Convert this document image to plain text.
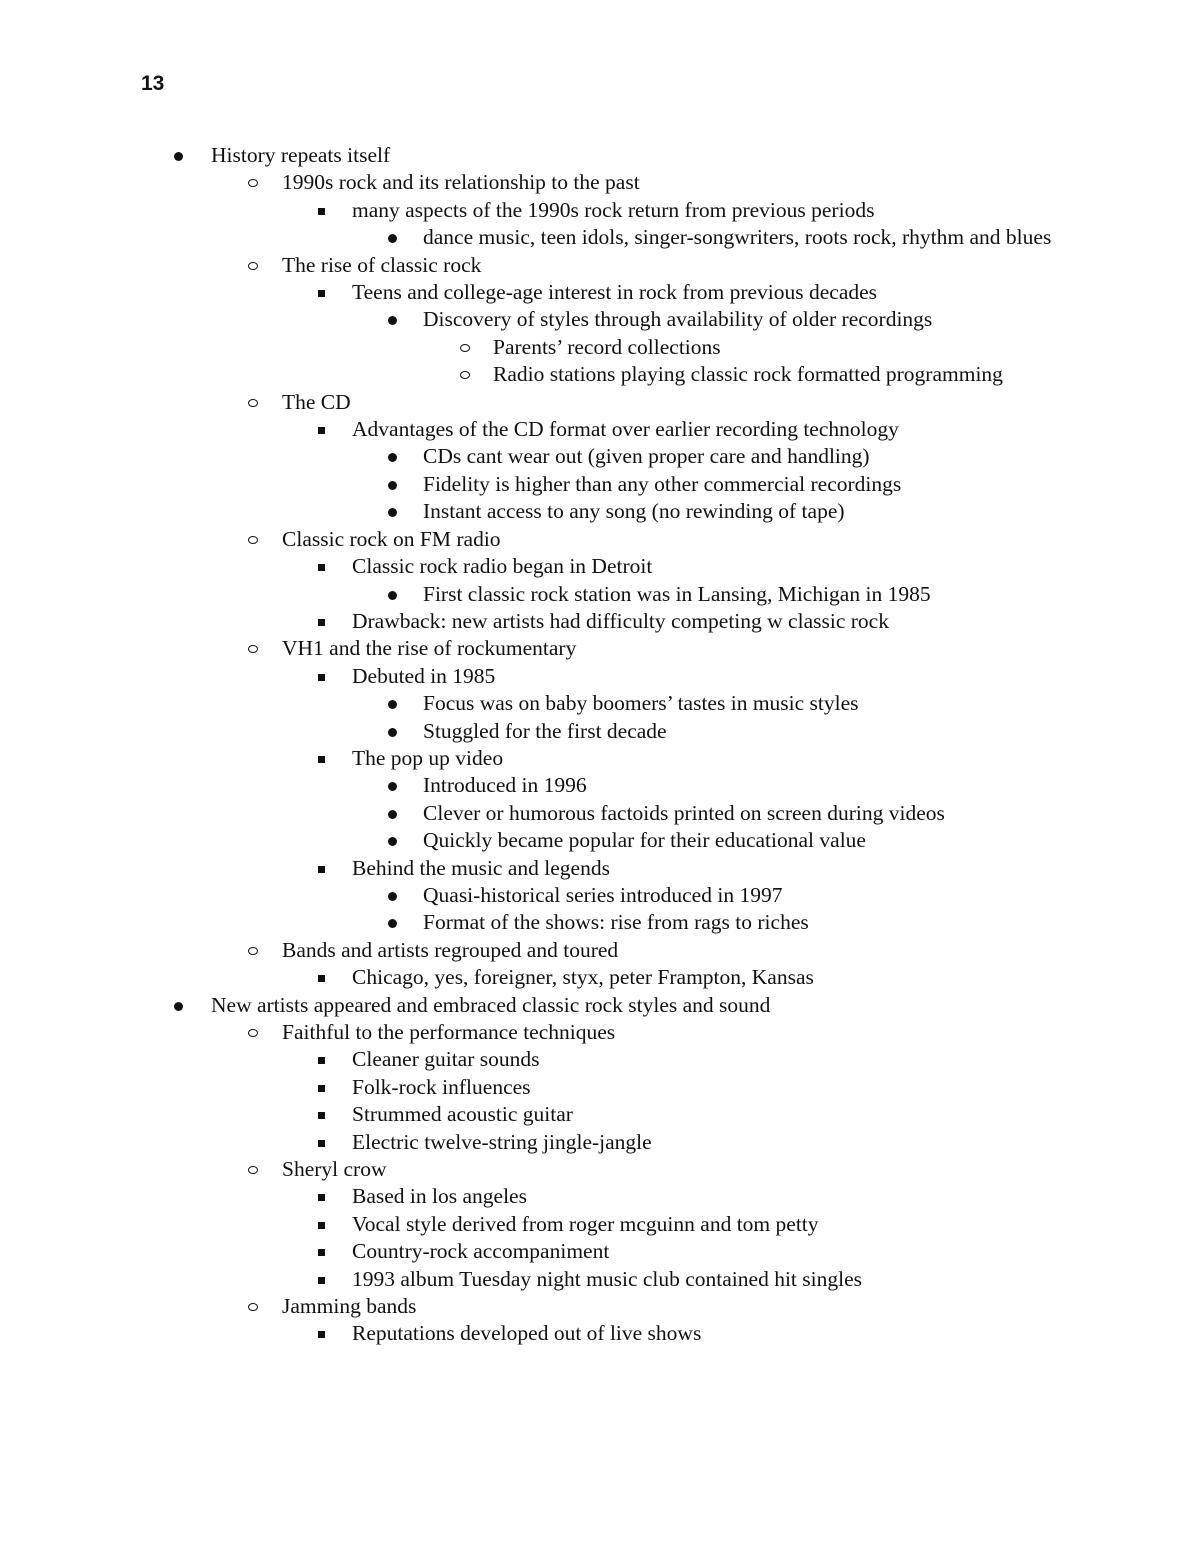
13
History repeats itself
1990s rock and its relationship to the past
many aspects of the 1990s rock return from previous periods
dance music, teen idols, singer-songwriters, roots rock, rhythm and blues
The rise of classic rock
Teens and college-age interest in rock from previous decades
Discovery of styles through availability of older recordings
Parents’ record collections
Radio stations playing classic rock formatted programming
The CD
Advantages of the CD format over earlier recording technology
CDs cant wear out (given proper care and handling)
Fidelity is higher than any other commercial recordings
Instant access to any song (no rewinding of tape)
Classic rock on FM radio
Classic rock radio began in Detroit
First classic rock station was in Lansing, Michigan in 1985
Drawback: new artists had difficulty competing w classic rock
VH1 and the rise of rockumentary
Debuted in 1985
Focus was on baby boomers’ tastes in music styles
Stuggled for the first decade
The pop up video
Introduced in 1996
Clever or humorous factoids printed on screen during videos
Quickly became popular for their educational value
Behind the music and legends
Quasi-historical series introduced in 1997
Format of the shows: rise from rags to riches
Bands and artists regrouped and toured
Chicago, yes, foreigner, styx, peter Frampton, Kansas
New artists appeared and embraced classic rock styles and sound
Faithful to the performance techniques
Cleaner guitar sounds
Folk-rock influences
Strummed acoustic guitar
Electric twelve-string jingle-jangle
Sheryl crow
Based in los angeles
Vocal style derived from roger mcguinn and tom petty
Country-rock accompaniment
1993 album Tuesday night music club contained hit singles
Jamming bands
Reputations developed out of live shows
